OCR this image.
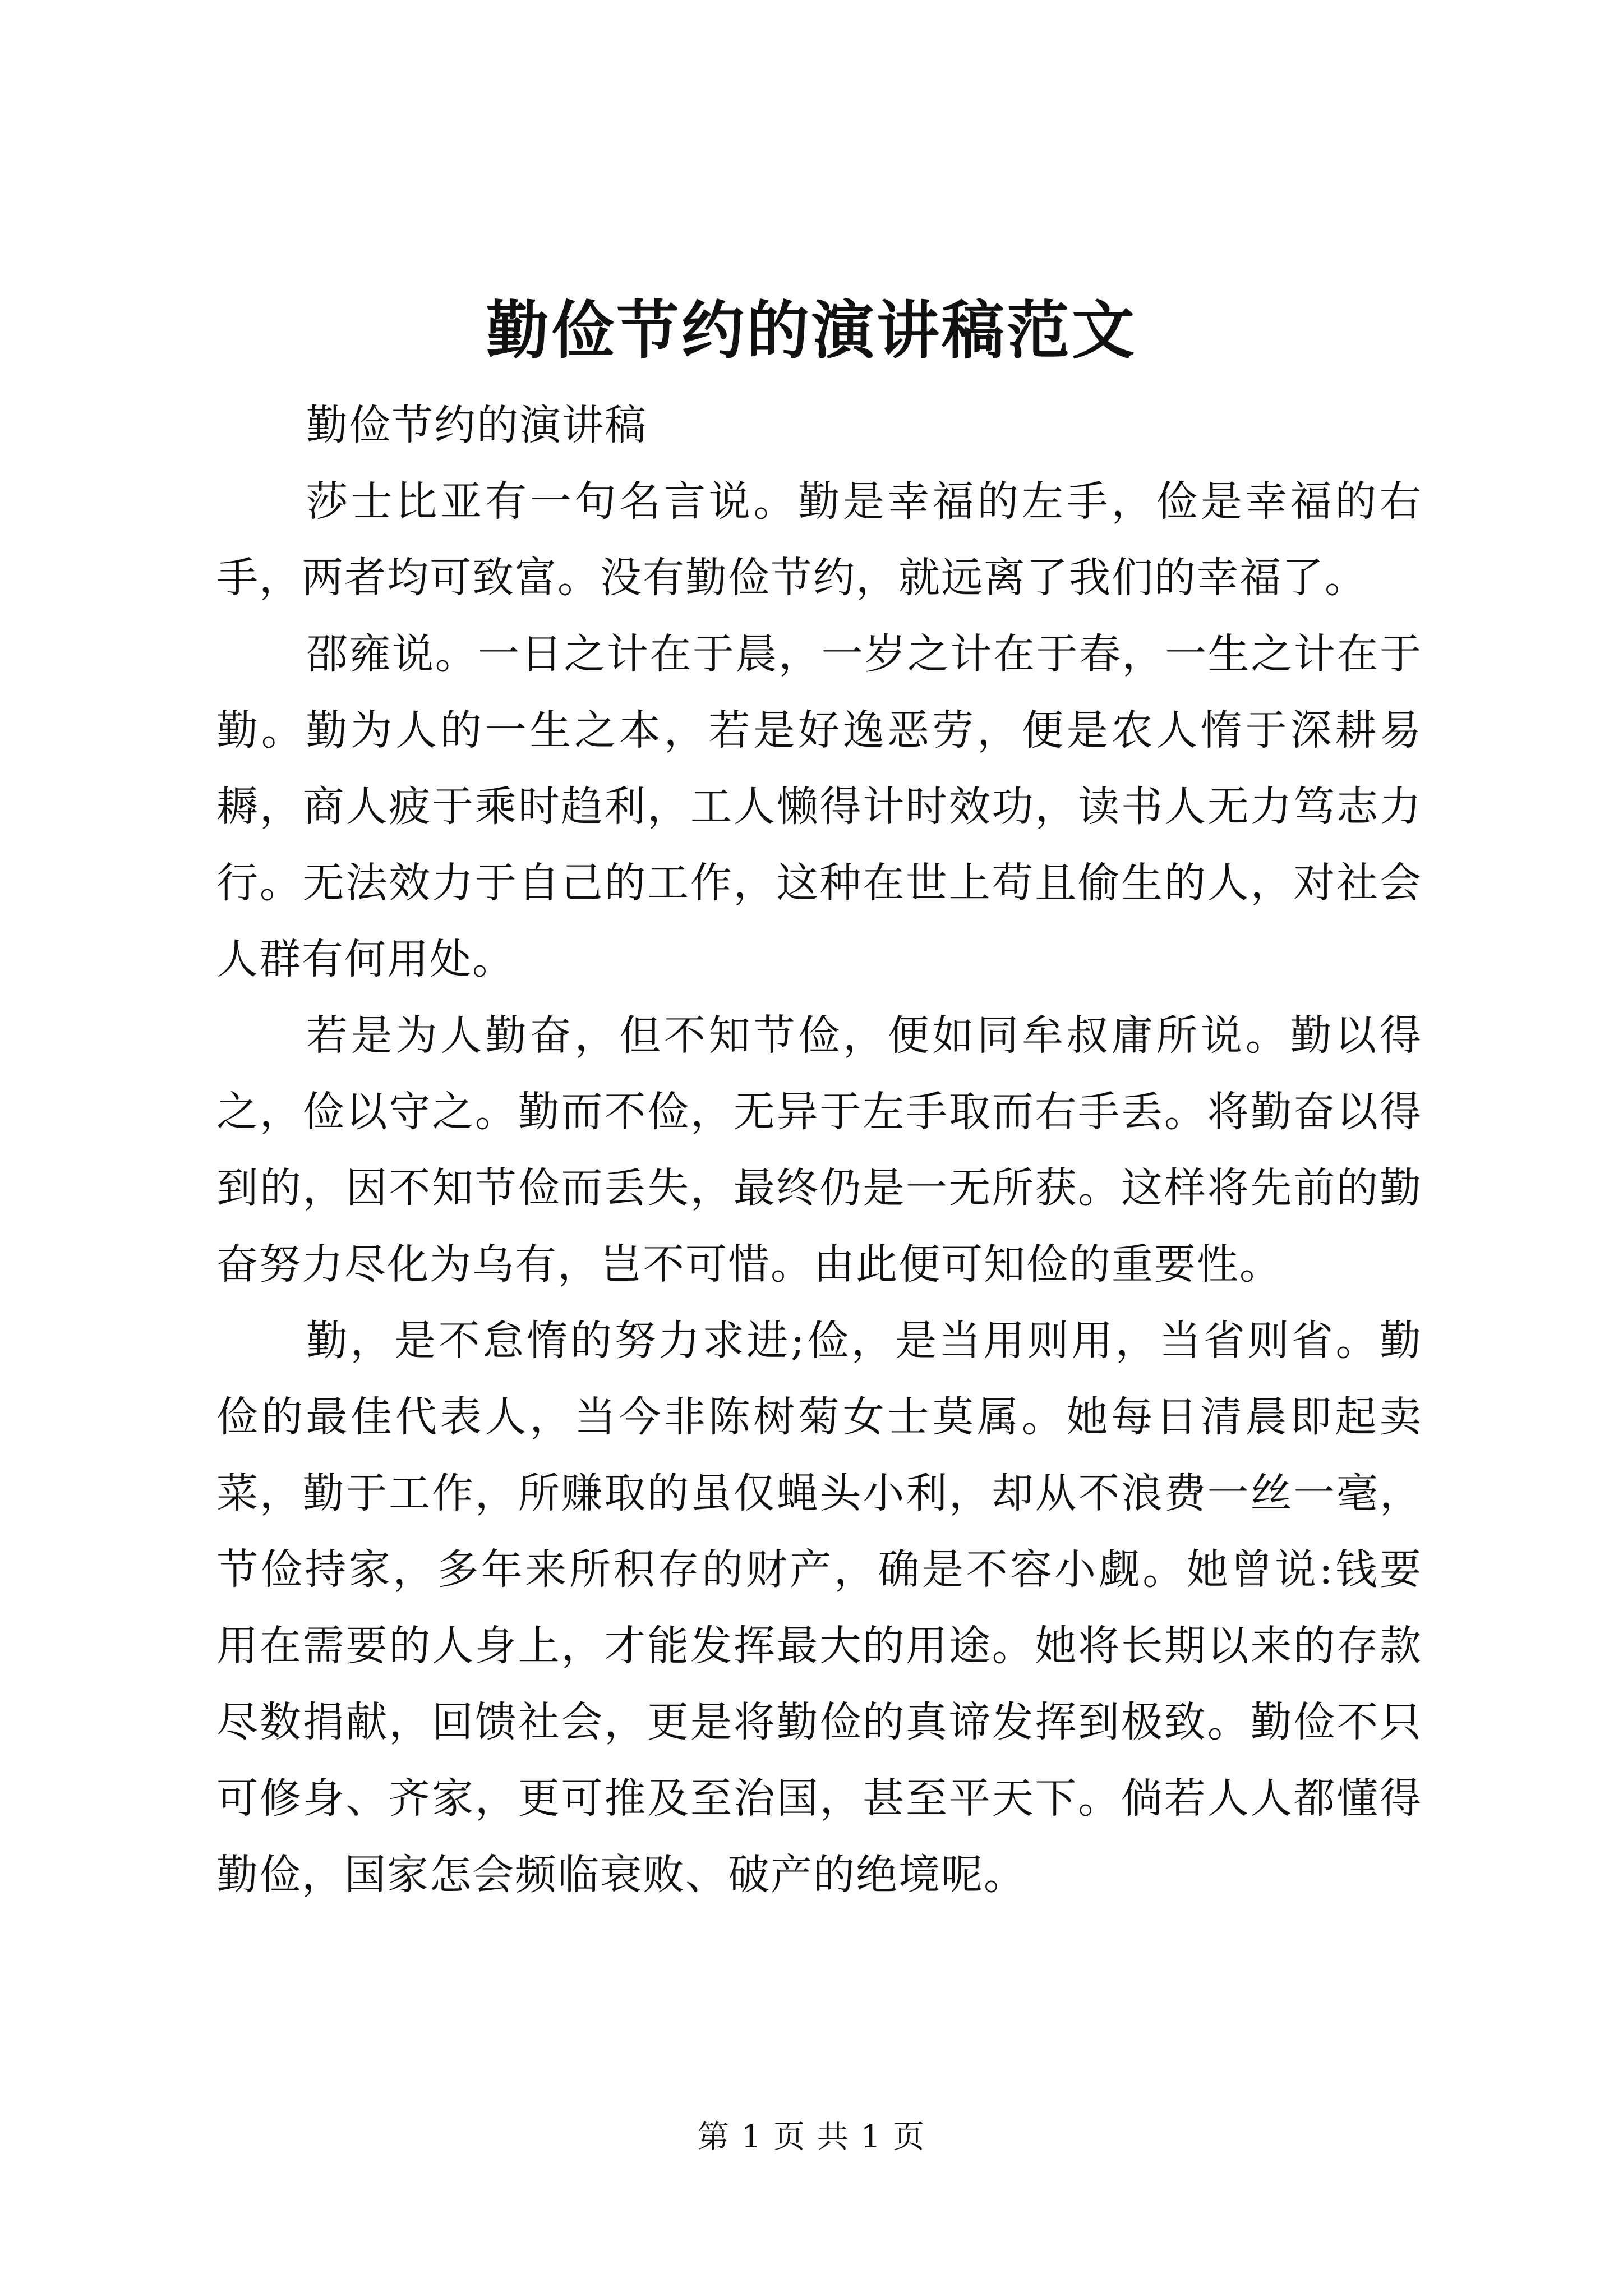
勤俭节约的演讲稿范文

勤俭节约的演讲稿

莎士比亚有一句名言说。勤是幸福的左手，俭是幸福的右手，两者均可致富。没有勤俭节约，就远离了我们的幸福了。

邵雍说。一日之计在于晨，一岁之计在于春，一生之计在于勤。勤为人的一生之本，若是好逸恶劳，便是农人惰于深耕易耨，商人疲于乘时趋利，工人懒得计时效功，读书人无力笃志力行。无法效力于自己的工作，这种在世上苟且偷生的人，对社会人群有何用处。

若是为人勤奋，但不知节俭，便如同牟叔庸所说。勤以得之，俭以守之。勤而不俭，无异于左手取而右手丢。将勤奋以得到的，因不知节俭而丢失，最终仍是一无所获。这样将先前的勤奋努力尽化为乌有，岂不可惜。由此便可知俭的重要性。

勤，是不怠惰的努力求进;俭，是当用则用，当省则省。勤俭的最佳代表人，当今非陈树菊女士莫属。她每日清晨即起卖菜，勤于工作，所赚取的虽仅蝇头小利，却从不浪费一丝一毫，节俭持家，多年来所积存的财产，确是不容小觑。她曾说:钱要用在需要的人身上，才能发挥最大的用途。她将长期以来的存款尽数捐献，回馈社会，更是将勤俭的真谛发挥到极致。勤俭不只可修身、齐家，更可推及至治国，甚至平天下。倘若人人都懂得勤俭，国家怎会频临衰败、破产的绝境呢。

第 1 页 共 1 页
